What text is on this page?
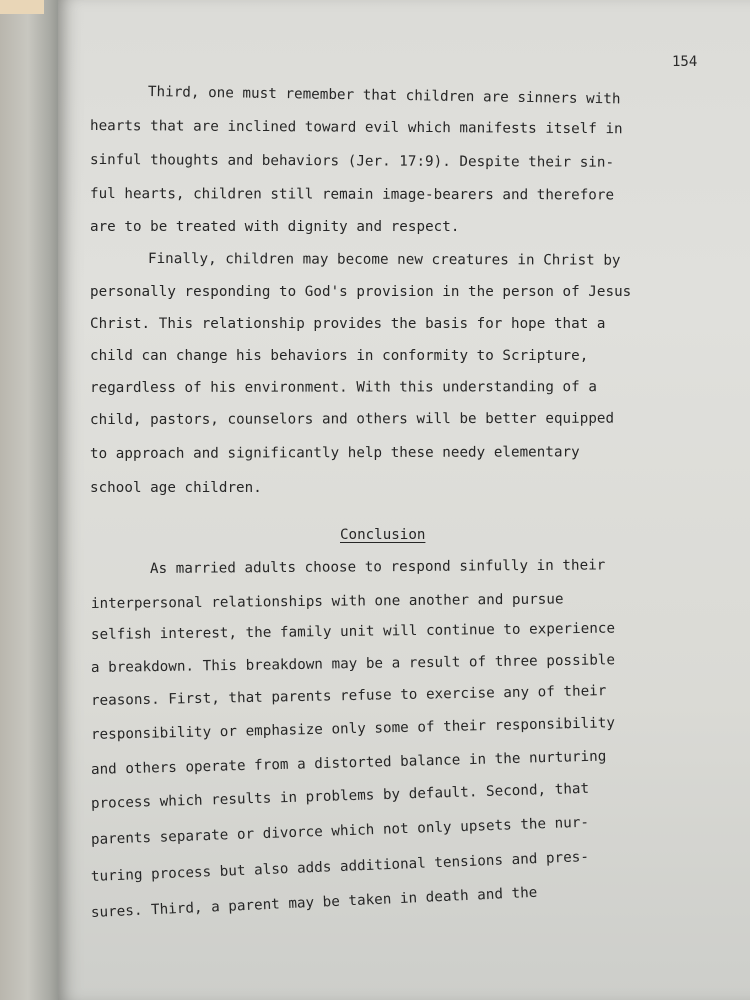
154

Third, one must remember that children are sinners with

hearts that are inclined toward evil which manifests itself in

sinful thoughts and behaviors (Jer. 17:9). Despite their sin-

ful hearts, children still remain image-bearers and therefore

are to be treated with dignity and respect.

Finally, children may become new creatures in Christ by

personally responding to God's provision in the person of Jesus

Christ. This relationship provides the basis for hope that a

child can change his behaviors in conformity to Scripture,

regardless of his environment. With this understanding of a

child, pastors, counselors and others will be better equipped

to approach and significantly help these needy elementary

school age children.

Conclusion

As married adults choose to respond sinfully in their

interpersonal relationships with one another and pursue

selfish interest, the family unit will continue to experience

a breakdown. This breakdown may be a result of three possible

reasons. First, that parents refuse to exercise any of their

responsibility or emphasize only some of their responsibility

and others operate from a distorted balance in the nurturing

process which results in problems by default. Second, that

parents separate or divorce which not only upsets the nur-

turing process but also adds additional tensions and pres-

sures. Third, a parent may be taken in death and the
